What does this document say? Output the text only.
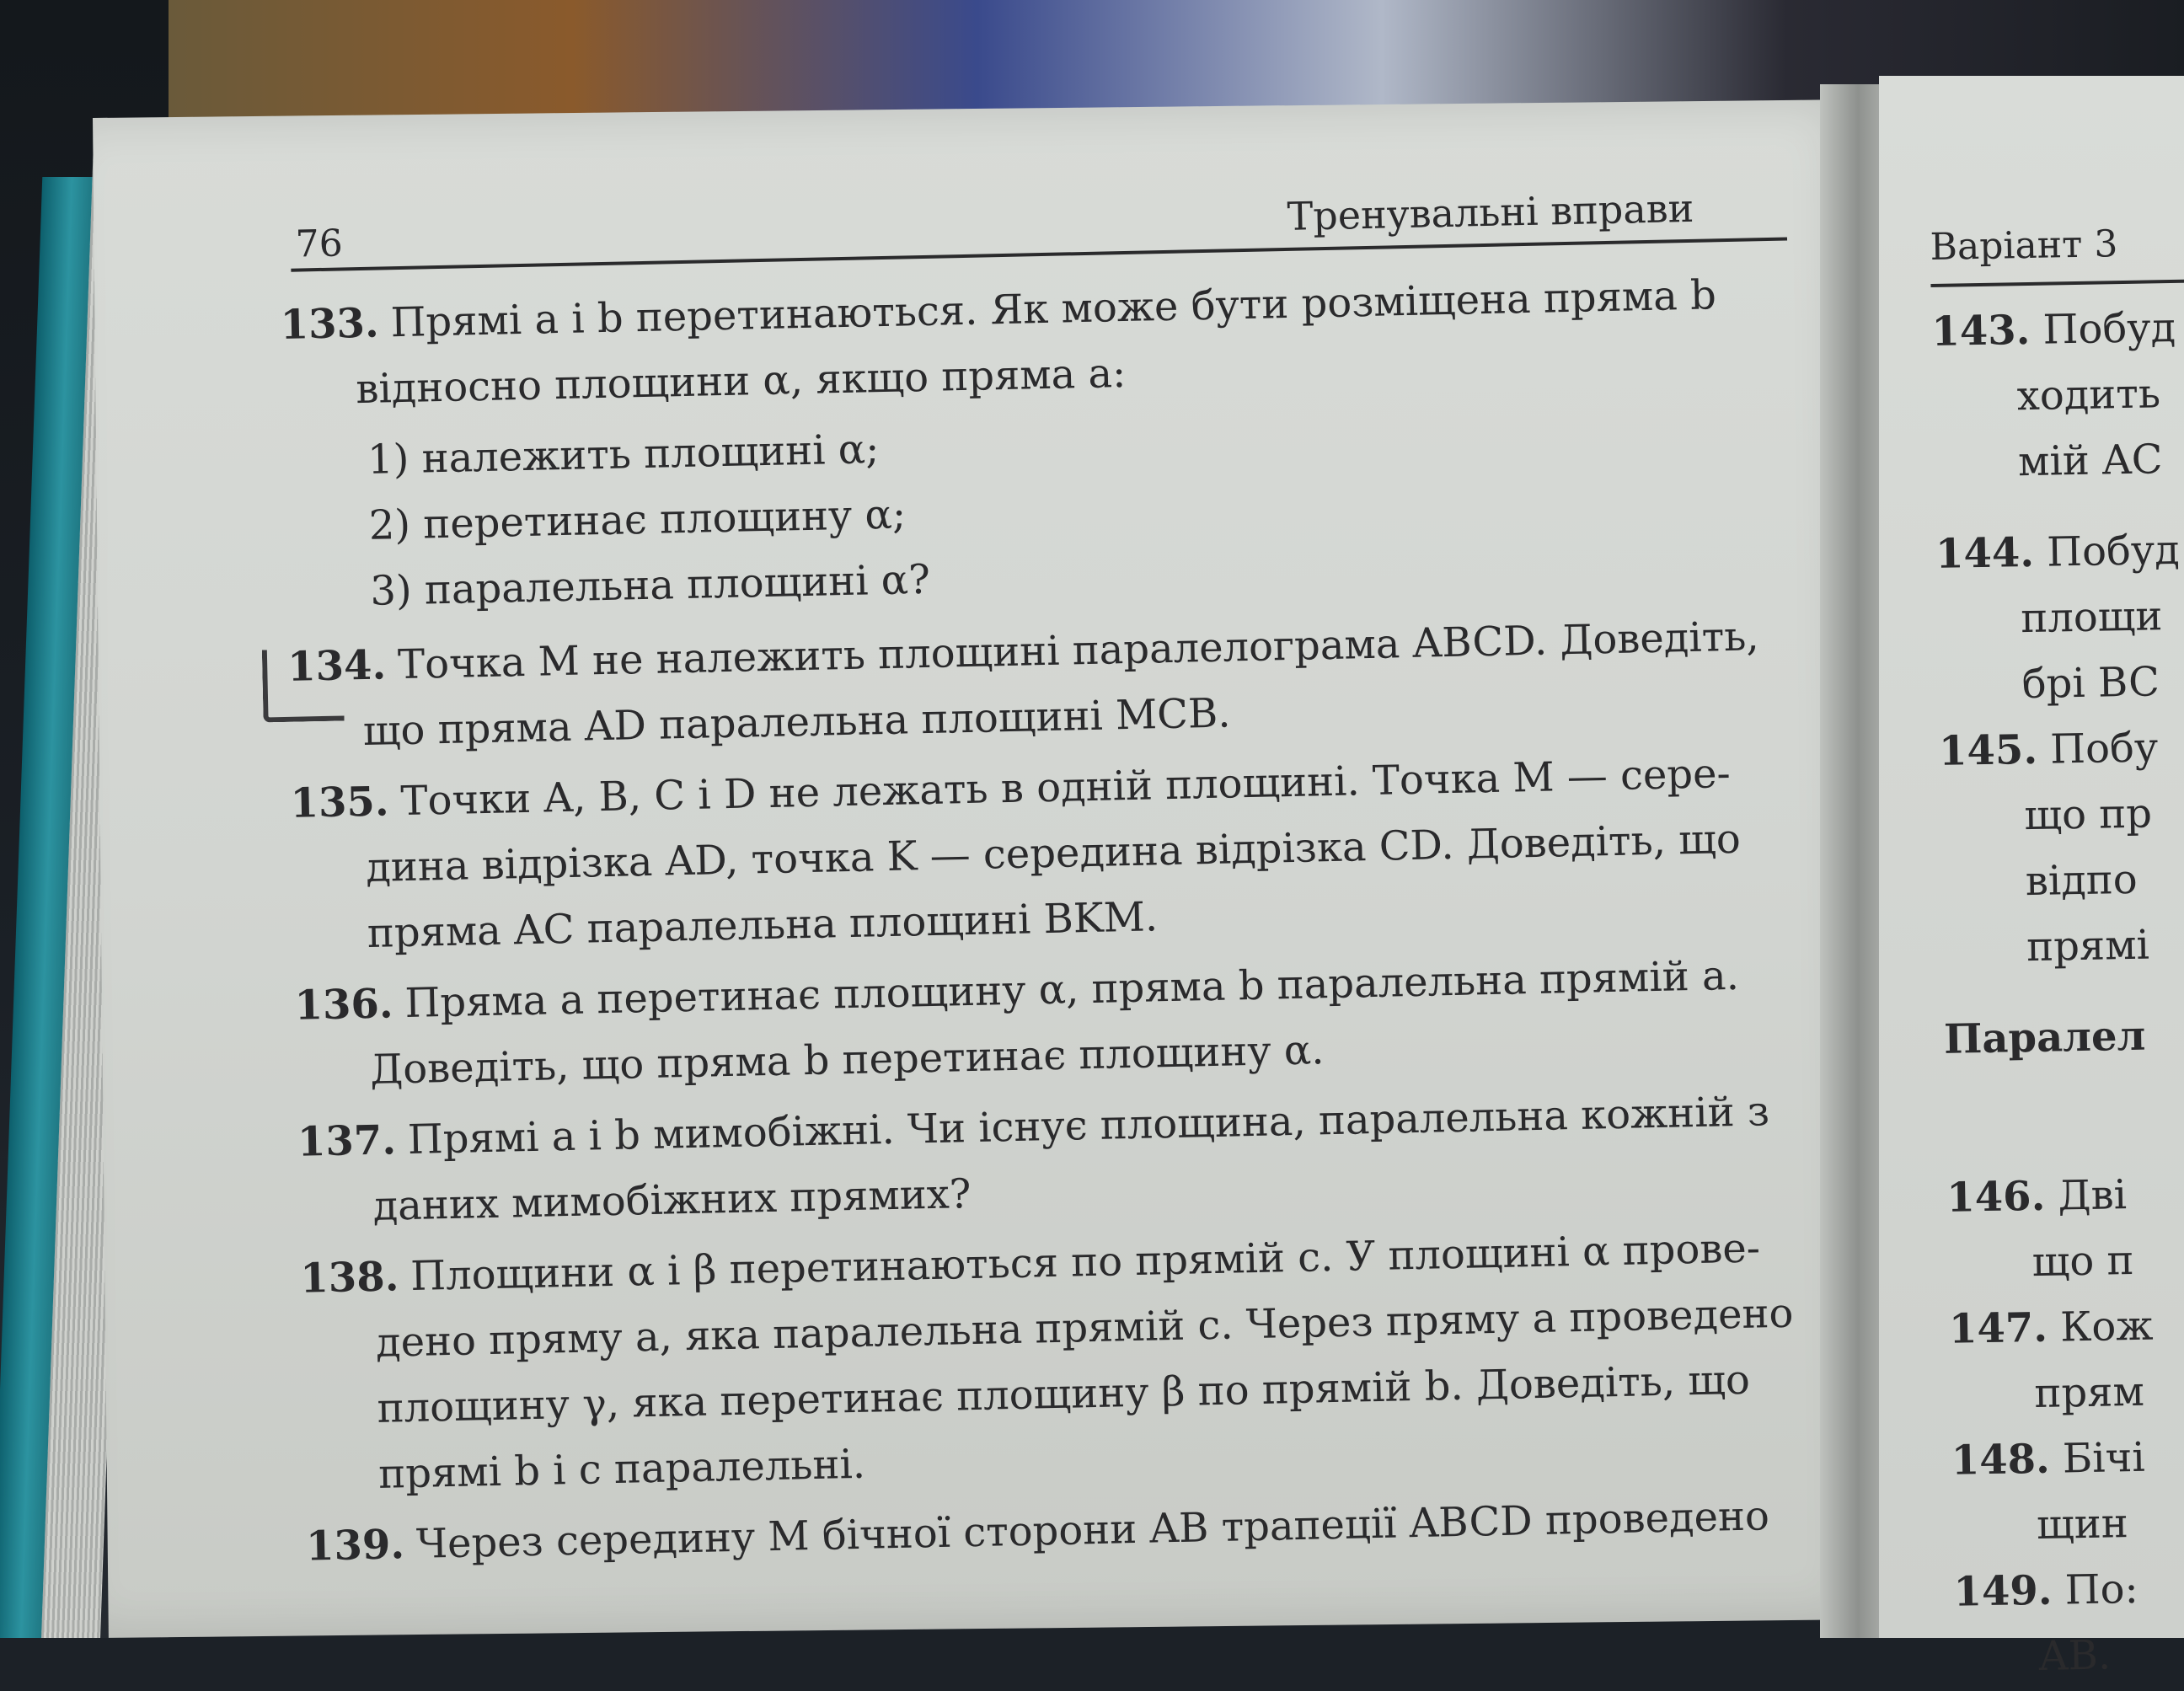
76
Тренувальні вправи
133. Прямі a і b перетинаються. Як може бути розміщена пряма b
відносно площини α, якщо пряма a:
1) належить площині α;
2) перетинає площину α;
3) паралельна площині α?
134. Точка M не належить площині паралелограма ABCD. Доведіть,
що пряма AD паралельна площині MCB.
135. Точки A, B, C і D не лежать в одній площині. Точка M — сере-
дина відрізка AD, точка K — середина відрізка CD. Доведіть, що
пряма AC паралельна площині BKM.
136. Пряма a перетинає площину α, пряма b паралельна прямій a.
Доведіть, що пряма b перетинає площину α.
137. Прямі a і b мимобіжні. Чи існує площина, паралельна кожній з
даних мимобіжних прямих?
138. Площини α і β перетинаються по прямій c. У площині α прове-
дено пряму a, яка паралельна прямій c. Через пряму a проведено
площину γ, яка перетинає площину β по прямій b. Доведіть, що
прямі b і c паралельні.
139. Через середину M бічної сторони AB трапеції ABCD проведено
Варіант 3
143. Побуд
ходить
мій AC
144. Побуд
площи
брі BC
145. Побу
що пр
відпо
прямі
Паралел
146. Дві
що п
147. Кож
прям
148. Бічі
щин
149. По:
AB.
